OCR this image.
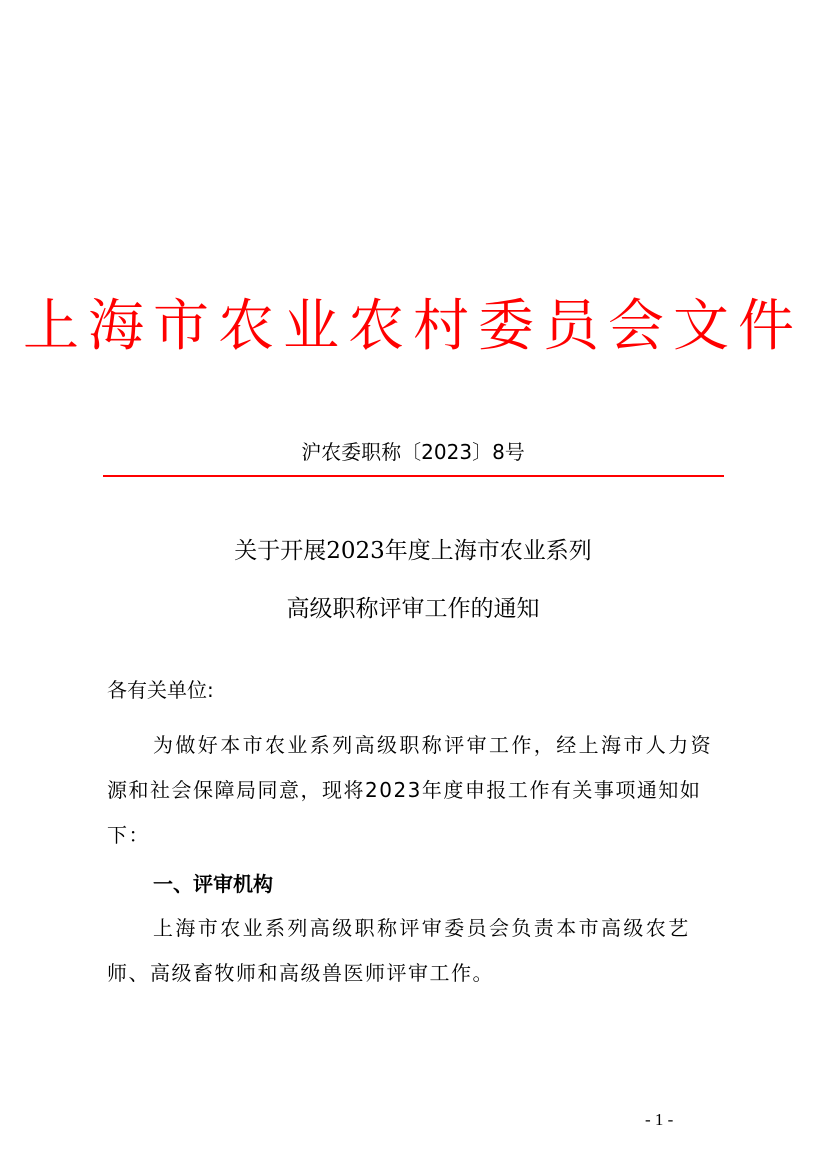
上海市农业农村委员会文件
沪农委职称〔2023〕8号
关于开展2023年度上海市农业系列
高级职称评审工作的通知
各有关单位:
为做好本市农业系列高级职称评审工作，经上海市人力资
源和社会保障局同意，现将2023年度申报工作有关事项通知如
下：
一、评审机构
上海市农业系列高级职称评审委员会负责本市高级农艺
师、高级畜牧师和高级兽医师评审工作。
- 1 -
